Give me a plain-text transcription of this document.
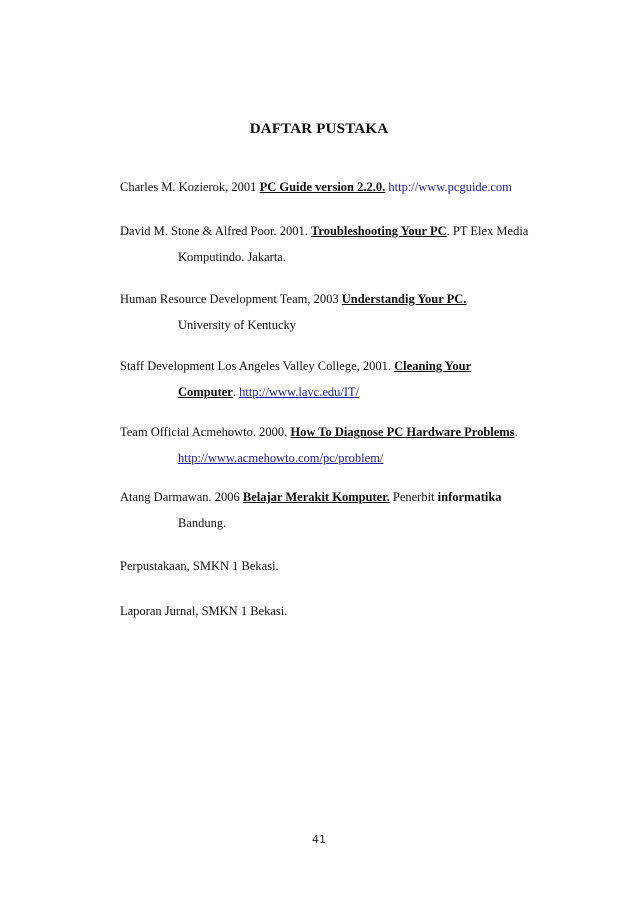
DAFTAR PUSTAKA
Charles M. Kozierok, 2001 PC Guide version 2.2.0. http://www.pcguide.com
David M. Stone & Alfred Poor. 2001. Troubleshooting Your PC. PT Elex Media
Komputindo. Jakarta.
Human Resource Development Team, 2003 Understandig Your PC.
University of Kentucky
Staff Development Los Angeles Valley College, 2001. Cleaning Your
Computer. http://www.lavc.edu/IT/
Team Official Acmehowto. 2000. How To Diagnose PC Hardware Problems.
http://www.acmehowto.com/pc/problem/
Atang Darmawan. 2006 Belajar Merakit Komputer. Penerbit informatika
Bandung.
Perpustakaan, SMKN 1 Bekasi.
Laporan Jurnal, SMKN 1 Bekasi.
41
